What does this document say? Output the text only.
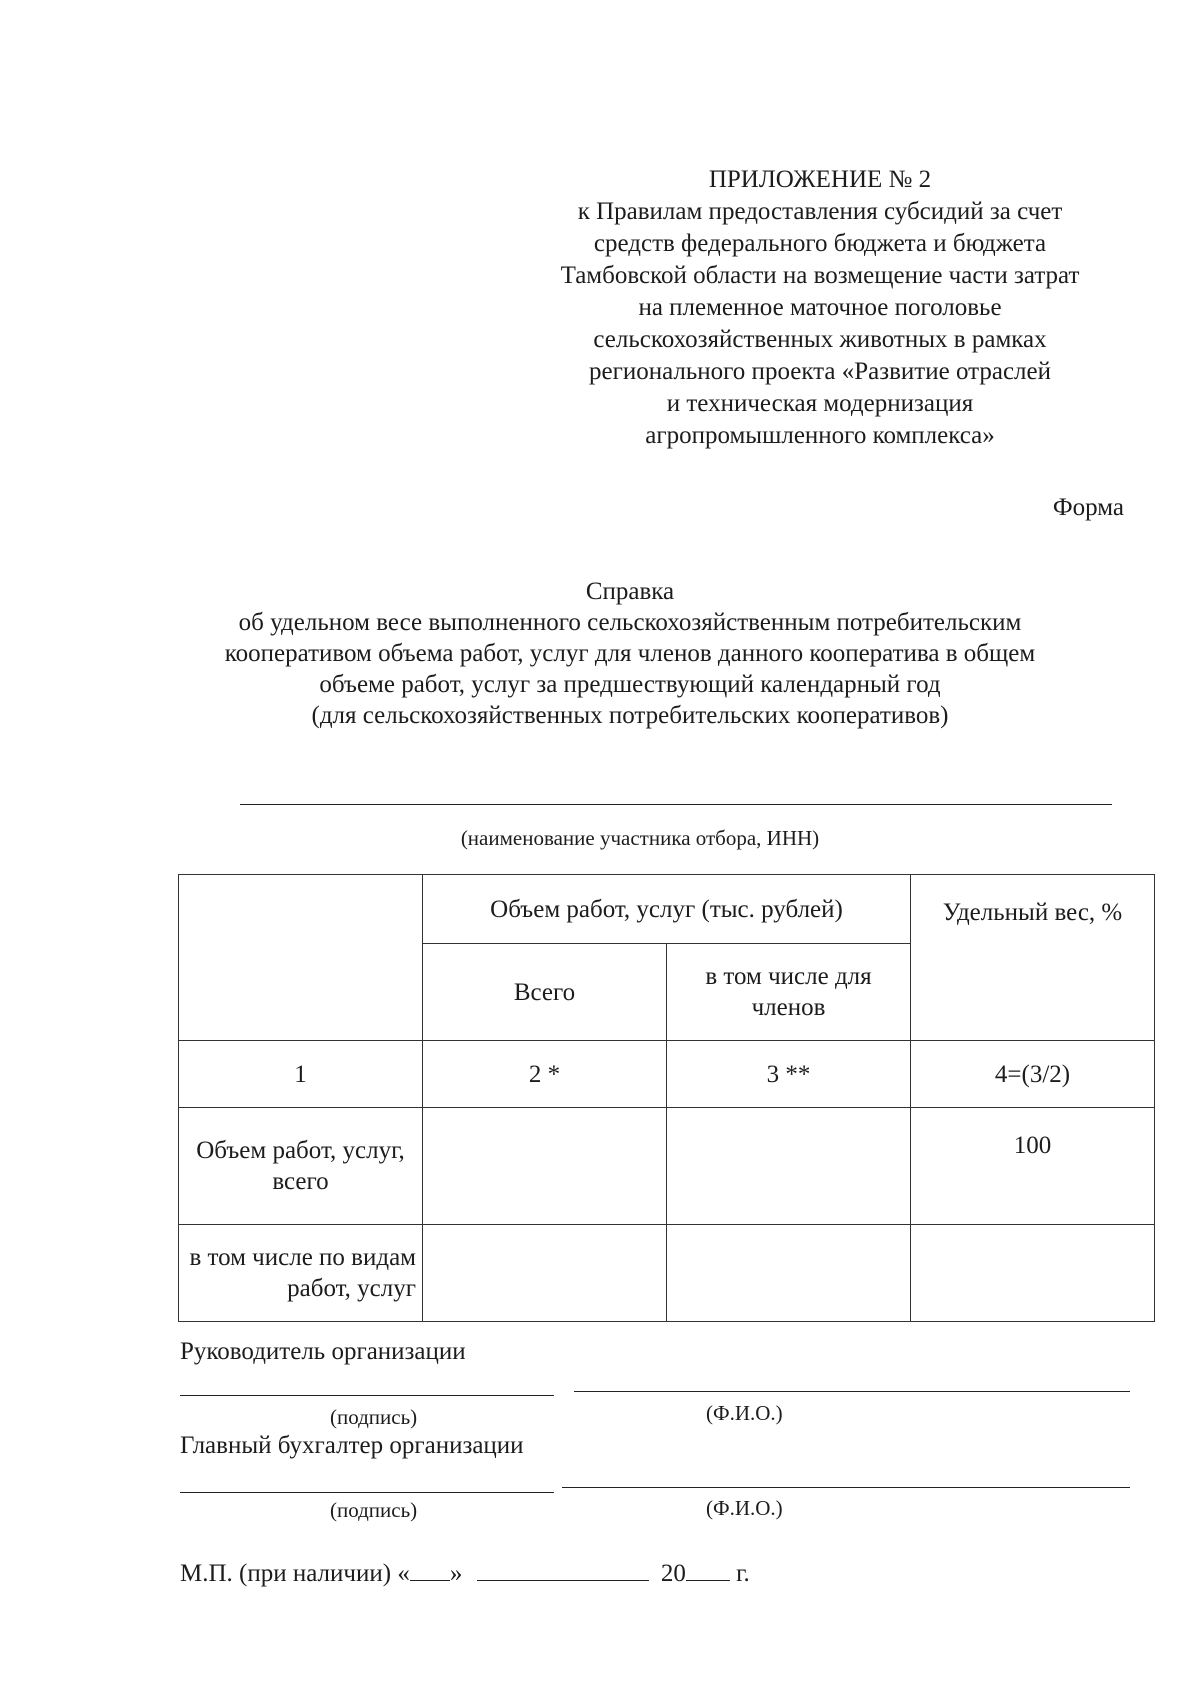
ПРИЛОЖЕНИЕ № 2
к Правилам предоставления субсидий за счет
средств федерального бюджета и бюджета
Тамбовской области на возмещение части затрат
на племенное маточное поголовье
сельскохозяйственных животных в рамках
регионального проекта «Развитие отраслей
и техническая модернизация
агропромышленного комплекса»
Форма
Справка
об удельном весе выполненного сельскохозяйственным потребительским
кооперативом объема работ, услуг для членов данного кооператива в общем
объеме работ, услуг за предшествующий календарный год
(для сельскохозяйственных потребительских кооперативов)
(наименование участника отбора, ИНН)
	Объем работ, услуг (тыс. рублей)		Удельный вес, %
	Всего	в том числе для членов	
1	2 *	3 **	4=(3/2)
Объем работ, услуг, всего			100
в том числе по видам работ, услуг			
Руководитель организации
(подпись)	(Ф.И.О.)
Главный бухгалтер организации
(подпись)	(Ф.И.О.)
М.П. (при наличии) « »	20 г.
